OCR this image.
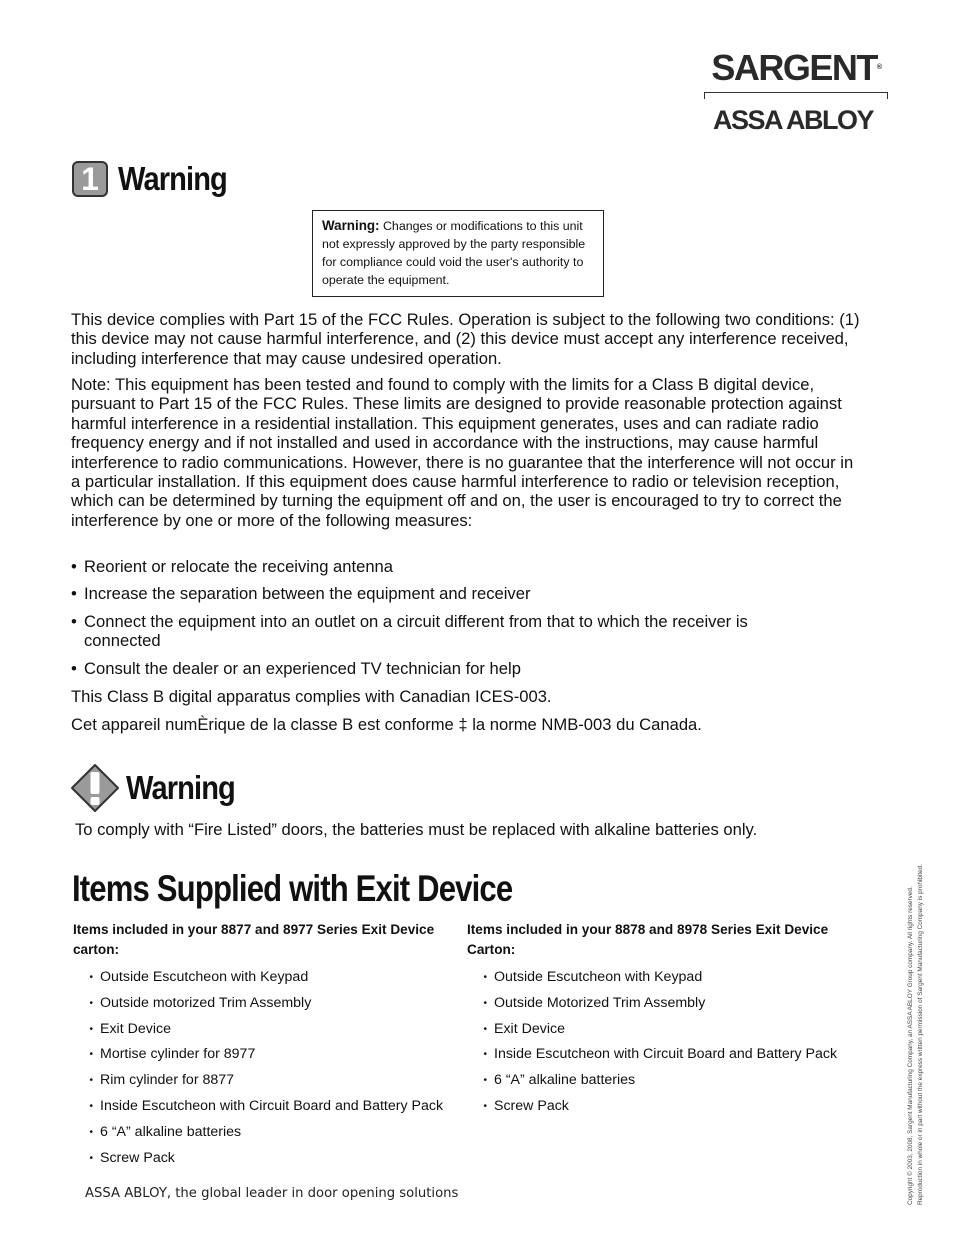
SARGENT®
ASSA ABLOY
1 Warning
Warning: Changes or modifications to this unit not expressly approved by the party responsible for compliance could void the user's authority to operate the equipment.

This device complies with Part 15 of the FCC Rules. Operation is subject to the following two conditions: (1) this device may not cause harmful interference, and (2) this device must accept any interference received, including interference that may cause undesired operation.

Note: This equipment has been tested and found to comply with the limits for a Class B digital device, pursuant to Part 15 of the FCC Rules. These limits are designed to provide reasonable protection against harmful interference in a residential installation. This equipment generates, uses and can radiate radio frequency energy and if not installed and used in accordance with the instructions, may cause harmful interference to radio communications. However, there is no guarantee that the interference will not occur in a particular installation. If this equipment does cause harmful interference to radio or television reception, which can be determined by turning the equipment off and on, the user is encouraged to try to correct the interference by one or more of the following measures:

• Reorient or relocate the receiving antenna
• Increase the separation between the equipment and receiver
• Connect the equipment into an outlet on a circuit different from that to which the receiver is connected
• Consult the dealer or an experienced TV technician for help

This Class B digital apparatus complies with Canadian ICES-003.

Cet appareil numÈrique de la classe B est conforme ‡ la norme NMB-003 du Canada.

Warning

To comply with “Fire Listed” doors, the batteries must be replaced with alkaline batteries only.

Items Supplied with Exit Device

Items included in your 8877 and 8977 Series Exit Device carton:

• Outside Escutcheon with Keypad
• Outside motorized Trim Assembly
• Exit Device
• Mortise cylinder for 8977
• Rim cylinder for 8877
• Inside Escutcheon with Circuit Board and Battery Pack
• 6 “A” alkaline batteries
• Screw Pack

Items included in your 8878 and 8978 Series Exit Device Carton:

• Outside Escutcheon with Keypad
• Outside Motorized Trim Assembly
• Exit Device
• Inside Escutcheon with Circuit Board and Battery Pack
• 6 “A” alkaline batteries
• Screw Pack
ASSA ABLOY, the global leader in door opening solutions	Copyright © 2003, 2008, Sargent Manufacturing Company, an ASSA ABLOY Group company. All rights reserved. Reproduction in whole or in part without the express written permission of Sargent Manufacturing Company is prohibited.
